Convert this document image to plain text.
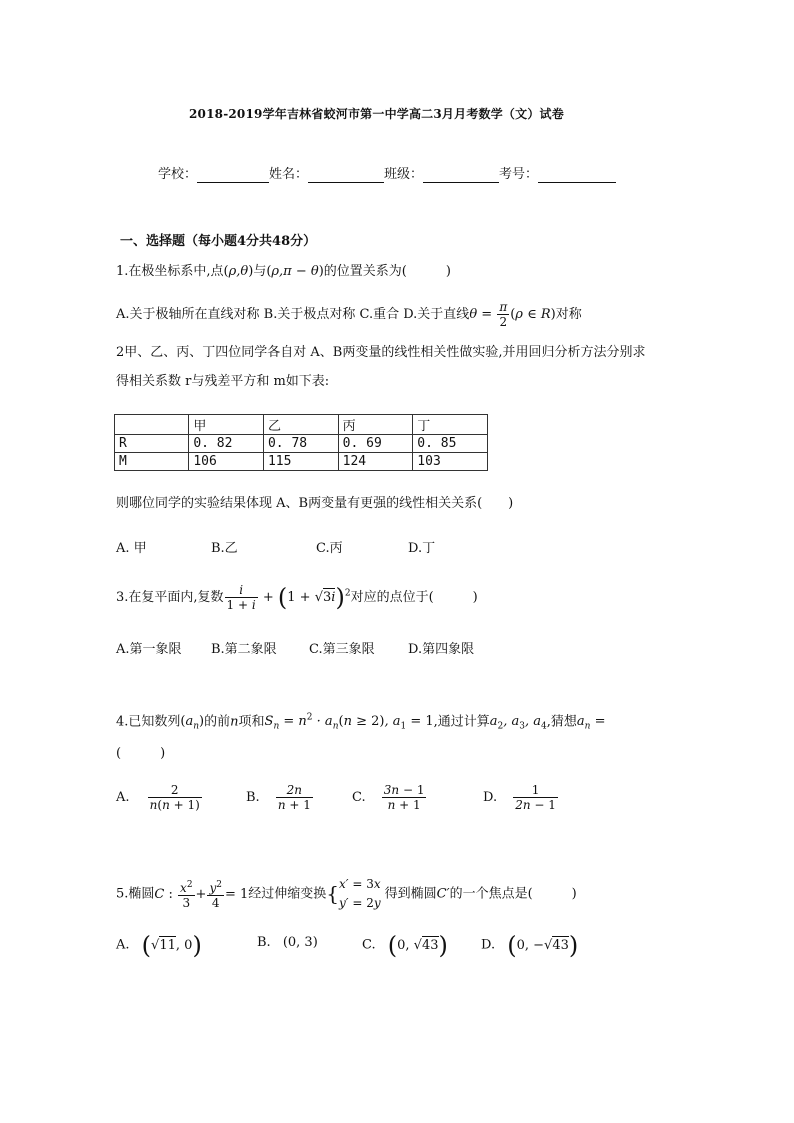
2018-2019学年吉林省蛟河市第一中学高二3月月考数学（文）试卷
学校：	姓名：	班级：	考号：
一、选择题（每小题4分共48分）
1.在极坐标系中,点(ρ,θ)与(ρ,π − θ)的位置关系为(　　　)
A.关于极轴所在直线对称 B.关于极点对称 C.重合 D.关于直线$\theta = \frac{\pi}{2} (\rho$ ∈ R)对称
2甲、乙、丙、丁四位同学各自对 A、B两变量的线性相关性做实验,并用回归分析方法分别求
得相关系数 r与残差平方和 m如下表:
	甲	乙	丙	丁
R	0. 82	0. 78	0. 69	0. 85
M	106	115	124	103
则哪位同学的实验结果体现 A、B两变量有更强的线性相关关系(　　)
A. 甲	B.乙	C.丙	D.丁
3.在复平面内,复数 $\frac{i}{1 + i} + (1 + √3i)^2$对应的点位于(　　　)
A.第一象限 B.第二象限 C.第三象限	D.第四象限
4.已知数列$(a_n)$的前n项和$S_n = n^2 \cdot a_n(n \ge 2)$, $a_1 = 1$,通过计算$a_2$, $a_3$, $a_4$,猜想$a_n$ =
(　　　)
A. $\frac{2}{n(n + 1)}$	B. $\frac{2n}{n + 1}$	C. $\frac{3n - 1}{n + 1}$	D. $\frac{1}{2n - 1}$
5.椭圆C : $\frac{x^2}{3} + \frac{y^2}{4} = 1$经过伸缩变换{x′ = 3x
y′ = 2y得到椭圆C′的一个焦点是(　　　)
A. (√11, 0)	B. (0, 3)	C. (0, √43)	D. (0, −√43)
